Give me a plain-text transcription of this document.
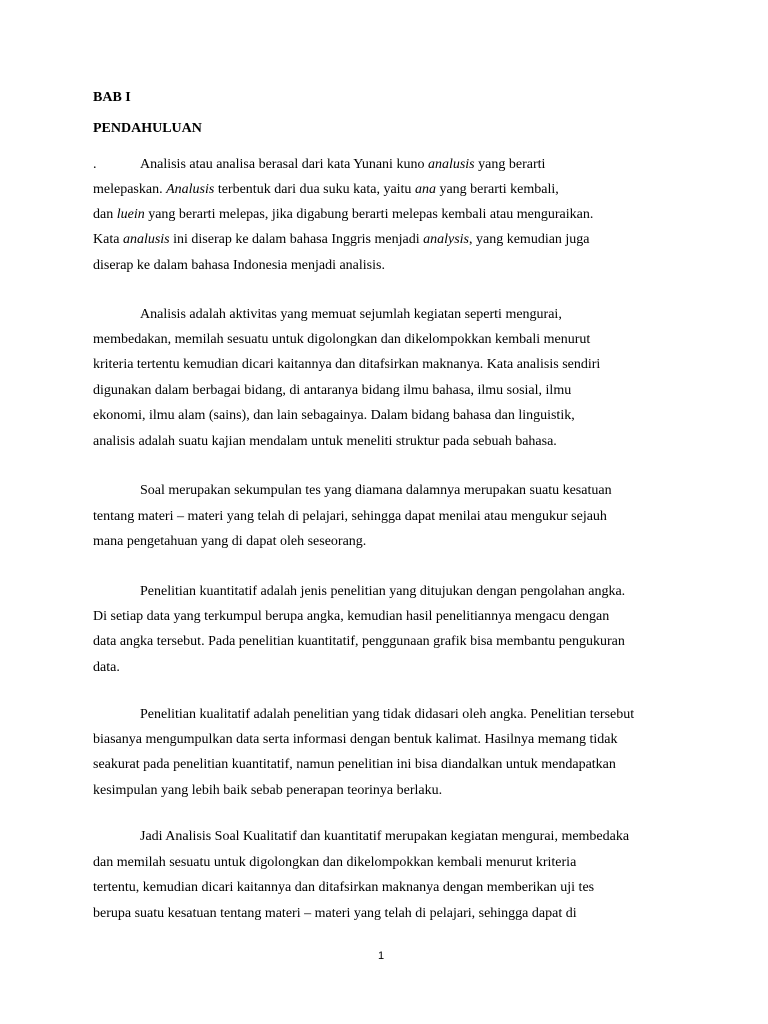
BAB I

PENDAHULUAN

.	Analisis atau analisa berasal dari kata Yunani kuno analusis yang berarti

melepaskan. Analusis terbentuk dari dua suku kata, yaitu ana yang berarti kembali,

dan luein yang berarti melepas, jika digabung berarti melepas kembali atau menguraikan.

Kata analusis ini diserap ke dalam bahasa Inggris menjadi analysis, yang kemudian juga

diserap ke dalam bahasa Indonesia menjadi analisis.

Analisis adalah aktivitas yang memuat sejumlah kegiatan seperti mengurai,

membedakan, memilah sesuatu untuk digolongkan dan dikelompokkan kembali menurut

kriteria tertentu kemudian dicari kaitannya dan ditafsirkan maknanya. Kata analisis sendiri

digunakan dalam berbagai bidang, di antaranya bidang ilmu bahasa, ilmu sosial, ilmu

ekonomi, ilmu alam (sains), dan lain sebagainya. Dalam bidang bahasa dan linguistik,

analisis adalah suatu kajian mendalam untuk meneliti struktur pada sebuah bahasa.

Soal merupakan sekumpulan tes yang diamana dalamnya merupakan suatu kesatuan

tentang materi – materi yang telah di pelajari, sehingga dapat menilai atau mengukur sejauh

mana pengetahuan yang di dapat oleh seseorang.

Penelitian kuantitatif adalah jenis penelitian yang ditujukan dengan pengolahan angka.

Di setiap data yang terkumpul berupa angka, kemudian hasil penelitiannya mengacu dengan

data angka tersebut. Pada penelitian kuantitatif, penggunaan grafik bisa membantu pengukuran

data.

Penelitian kualitatif adalah penelitian yang tidak didasari oleh angka. Penelitian tersebut

biasanya mengumpulkan data serta informasi dengan bentuk kalimat. Hasilnya memang tidak

seakurat pada penelitian kuantitatif, namun penelitian ini bisa diandalkan untuk mendapatkan

kesimpulan yang lebih baik sebab penerapan teorinya berlaku.

Jadi Analisis Soal Kualitatif dan kuantitatif merupakan kegiatan mengurai, membedaka

dan memilah sesuatu untuk digolongkan dan dikelompokkan kembali menurut kriteria

tertentu, kemudian dicari kaitannya dan ditafsirkan maknanya dengan memberikan uji tes

berupa suatu kesatuan tentang materi – materi yang telah di pelajari, sehingga dapat di

1
